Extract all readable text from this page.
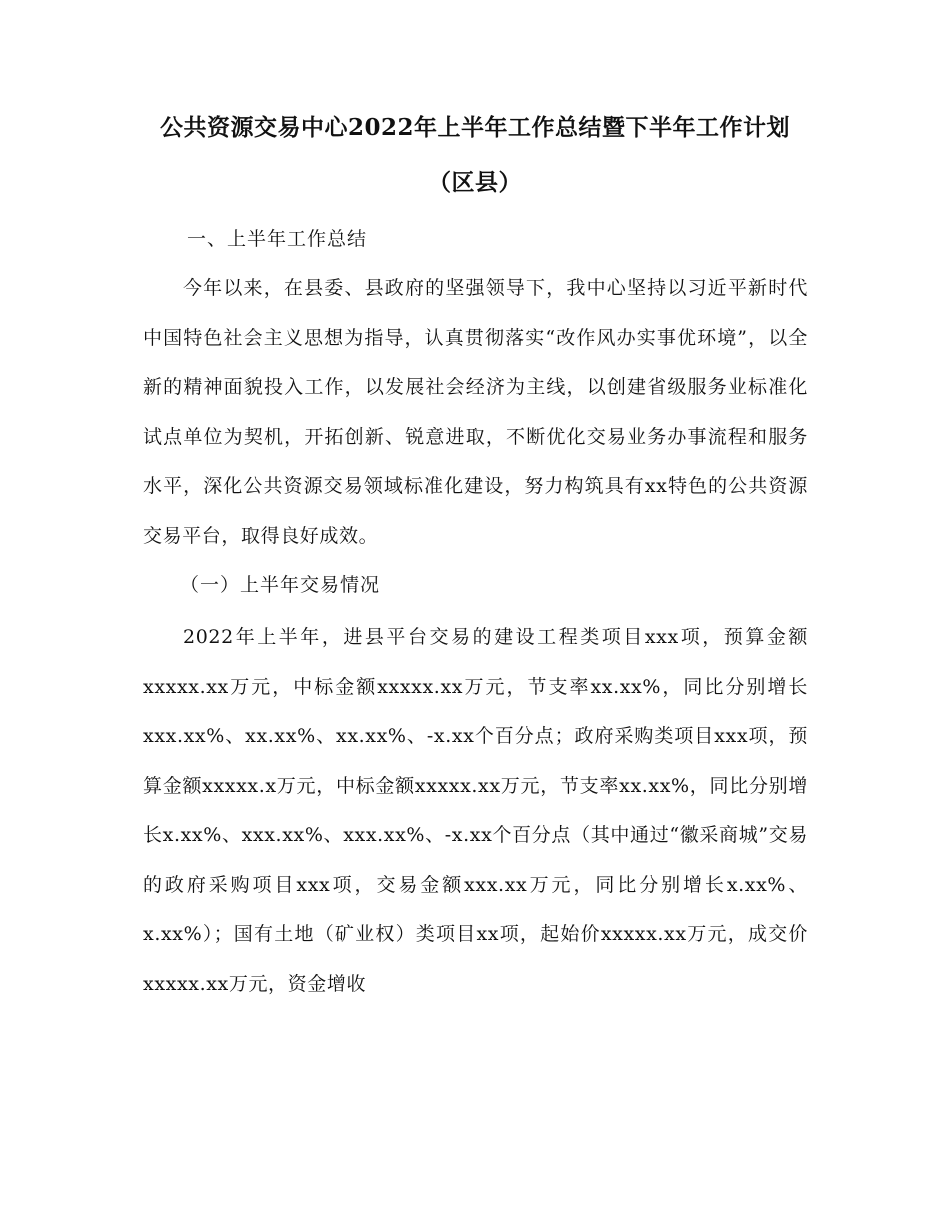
公共资源交易中心2022年上半年工作总结暨下半年工作计划
（区县）
一、上半年工作总结

今年以来，在县委、县政府的坚强领导下，我中心坚持以习近平新时代中国特色社会主义思想为指导，认真贯彻落实“改作风办实事优环境”，以全新的精神面貌投入工作，以发展社会经济为主线，以创建省级服务业标准化试点单位为契机，开拓创新、锐意进取，不断优化交易业务办事流程和服务水平，深化公共资源交易领域标准化建设，努力构筑具有xx特色的公共资源交易平台，取得良好成效。

（一）上半年交易情况

2022年上半年，进县平台交易的建设工程类项目xxx项，预算金额xxxxx.xx万元，中标金额xxxxx.xx万元，节支率xx.xx%，同比分别增长xxx.xx%、xx.xx%、xx.xx%、-x.xx个百分点；政府采购类项目xxx项，预算金额xxxxx.x万元，中标金额xxxxx.xx万元，节支率xx.xx%，同比分别增长x.xx%、xxx.xx%、xxx.xx%、-x.xx个百分点（其中通过“徽采商城”交易的政府采购项目xxx项，交易金额xxx.xx万元，同比分别增长x.xx%、x.xx%）；国有土地（矿业权）类项目xx项，起始价xxxxx.xx万元，成交价xxxxx.xx万元，资金增收
